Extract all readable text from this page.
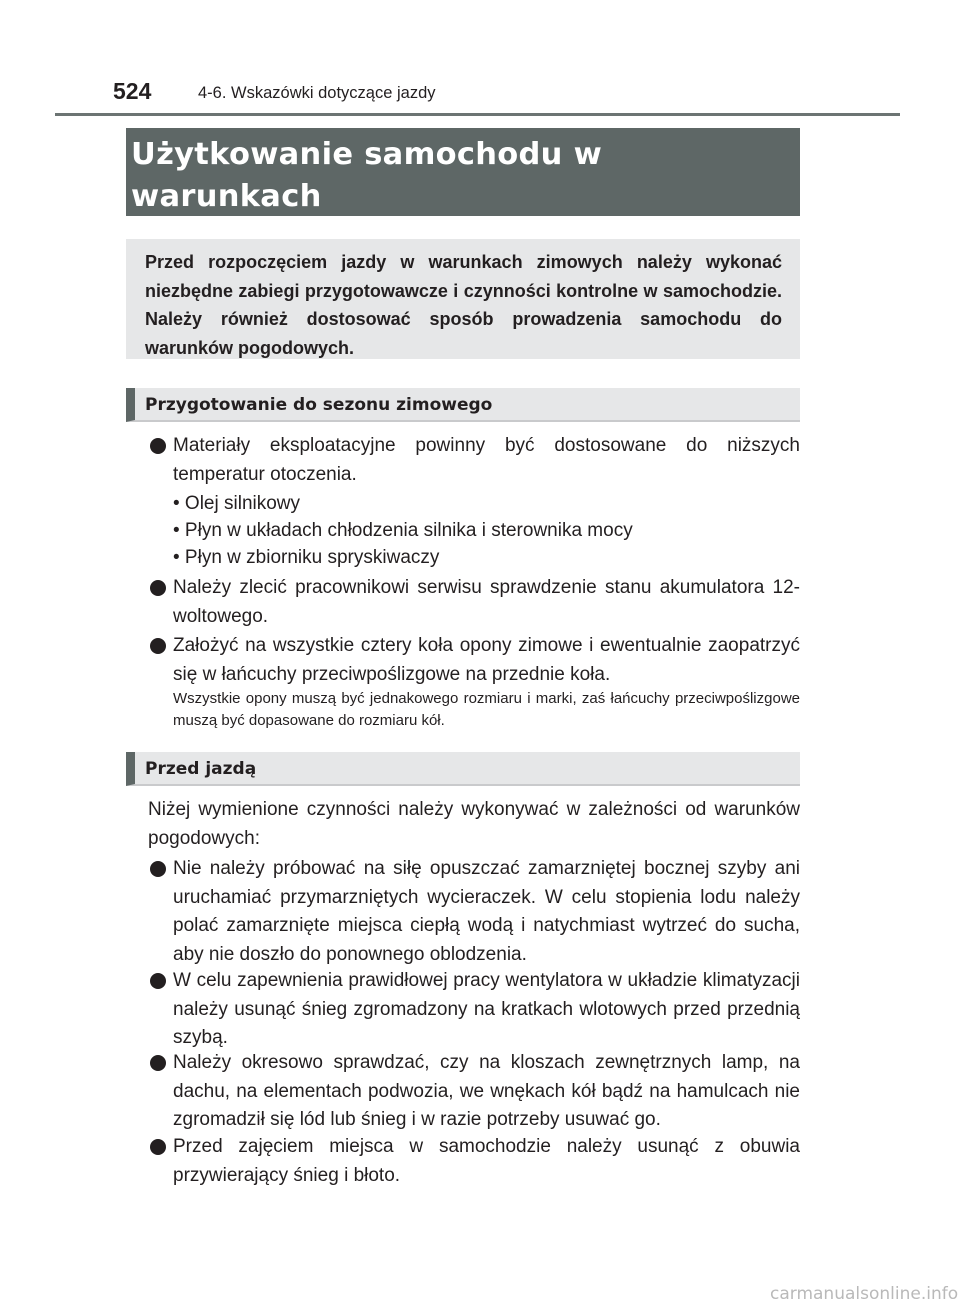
524	4-6. Wskazówki dotyczące jazdy
Użytkowanie samochodu w warunkach

Przed rozpoczęciem jazdy w warunkach zimowych należy wykonać niezbędne zabiegi przygotowawcze i czynności kontrolne w samochodzie. Należy również dostosować sposób prowadzenia samochodu do warunków pogodowych.

Przygotowanie do sezonu zimowego

Materiały eksploatacyjne powinny być dostosowane do niższych temperatur otoczenia.

• Olej silnikowy
• Płyn w układach chłodzenia silnika i sterownika mocy
• Płyn w zbiorniku spryskiwaczy

Należy zlecić pracownikowi serwisu sprawdzenie stanu akumulatora 12-woltowego.

Założyć na wszystkie cztery koła opony zimowe i ewentualnie zaopatrzyć się w łańcuchy przeciwpoślizgowe na przednie koła.

Wszystkie opony muszą być jednakowego rozmiaru i marki, zaś łańcuchy przeciwpoślizgowe muszą być dopasowane do rozmiaru kół.
Przed jazdą

Niżej wymienione czynności należy wykonywać w zależności od warunków pogodowych:

Nie należy próbować na siłę opuszczać zamarzniętej bocznej szyby ani uruchamiać przymarzniętych wycieraczek. W celu stopienia lodu należy polać zamarznięte miejsca ciepłą wodą i natychmiast wytrzeć do sucha, aby nie doszło do ponownego oblodzenia.

W celu zapewnienia prawidłowej pracy wentylatora w układzie klimatyzacji należy usunąć śnieg zgromadzony na kratkach wlotowych przed przednią szybą.

Należy okresowo sprawdzać, czy na kloszach zewnętrznych lamp, na dachu, na elementach podwozia, we wnękach kół bądź na hamulcach nie zgromadził się lód lub śnieg i w razie potrzeby usuwać go.

Przed zajęciem miejsca w samochodzie należy usunąć z obuwia przywierający śnieg i błoto.

carmanualsonline.info
